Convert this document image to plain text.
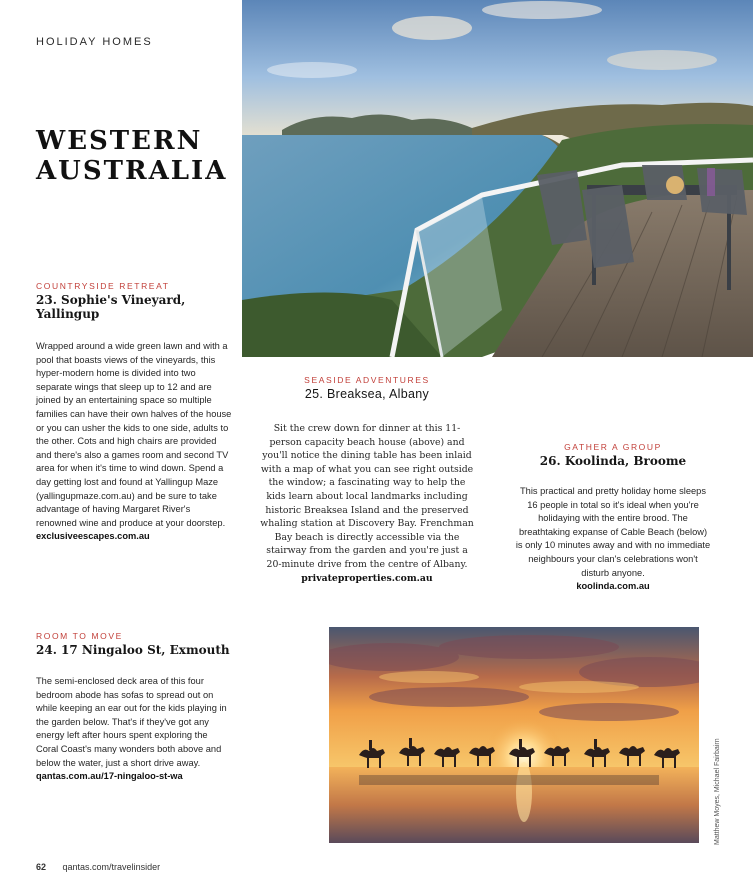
HOLIDAY HOMES
WESTERN
AUSTRALIA
COUNTRYSIDE RETREAT
23. Sophie's Vineyard, Yallingup

Wrapped around a wide green lawn and with a pool that boasts views of the vineyards, this hyper-modern home is divided into two separate wings that sleep up to 12 and are joined by an entertaining space so multiple families can have their own halves of the house or you can usher the kids to one side, adults to the other. Cots and high chairs are provided and there's also a games room and second TV area for when it's time to wind down. Spend a day getting lost and found at Yallingup Maze (yallingupmaze.com.au) and be sure to take advantage of having Margaret River's renowned wine and produce at your doorstep.

exclusiveescapes.com.au
SEASIDE ADVENTURES
25. Breaksea, Albany

Sit the crew down for dinner at this 11-person capacity beach house (above) and you'll notice the dining table has been inlaid with a map of what you can see right outside the window; a fascinating way to help the kids learn about local landmarks including historic Breaksea Island and the preserved whaling station at Discovery Bay. Frenchman Bay beach is directly accessible via the stairway from the garden and you're just a 20-minute drive from the centre of Albany.

privateproperties.com.au
GATHER A GROUP
26. Koolinda, Broome

This practical and pretty holiday home sleeps 16 people in total so it's ideal when you're holidaying with the entire brood. The breathtaking expanse of Cable Beach (below) is only 10 minutes away and with no immediate neighbours your clan's celebrations won't disturb anyone.

koolinda.com.au
ROOM TO MOVE
24. 17 Ningaloo St, Exmouth

The semi-enclosed deck area of this four bedroom abode has sofas to spread out on while keeping an ear out for the kids playing in the garden below. That's if they've got any energy left after hours spent exploring the Coral Coast's many wonders both above and below the water, just a short drive away.

qantas.com.au/17-ningaloo-st-wa	Matthew Moyes, Michael Fairbairn
62 qantas.com/travelinsider
